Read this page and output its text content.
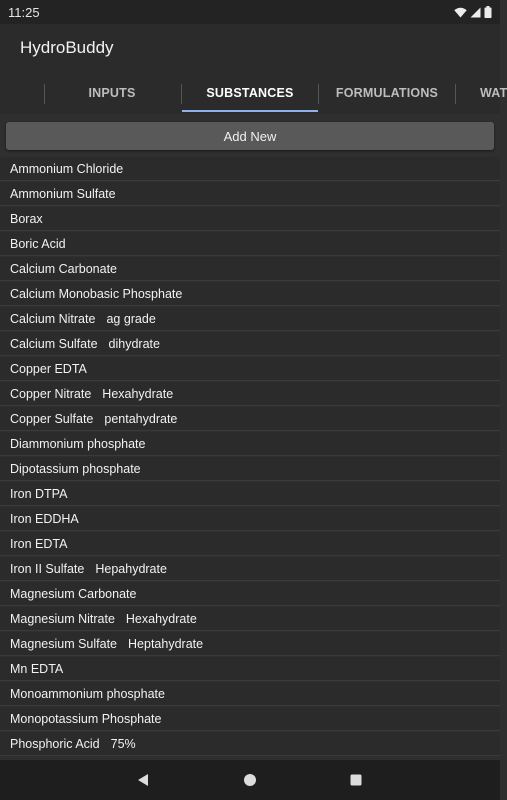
11:25
HydroBuddy
INPUTS	SUBSTANCES	FORMULATIONS	WAT
Add New
Ammonium Chloride
Ammonium Sulfate
Borax
Boric Acid
Calcium Carbonate
Calcium Monobasic Phosphate
Calcium Nitrate ag grade
Calcium Sulfate dihydrate
Copper EDTA
Copper Nitrate Hexahydrate
Copper Sulfate pentahydrate
Diammonium phosphate
Dipotassium phosphate
Iron DTPA
Iron EDDHA
Iron EDTA
Iron II Sulfate Hepahydrate
Magnesium Carbonate
Magnesium Nitrate Hexahydrate
Magnesium Sulfate Heptahydrate
Mn EDTA
Monoammonium phosphate
Monopotassium Phosphate
Phosphoric Acid 75%
